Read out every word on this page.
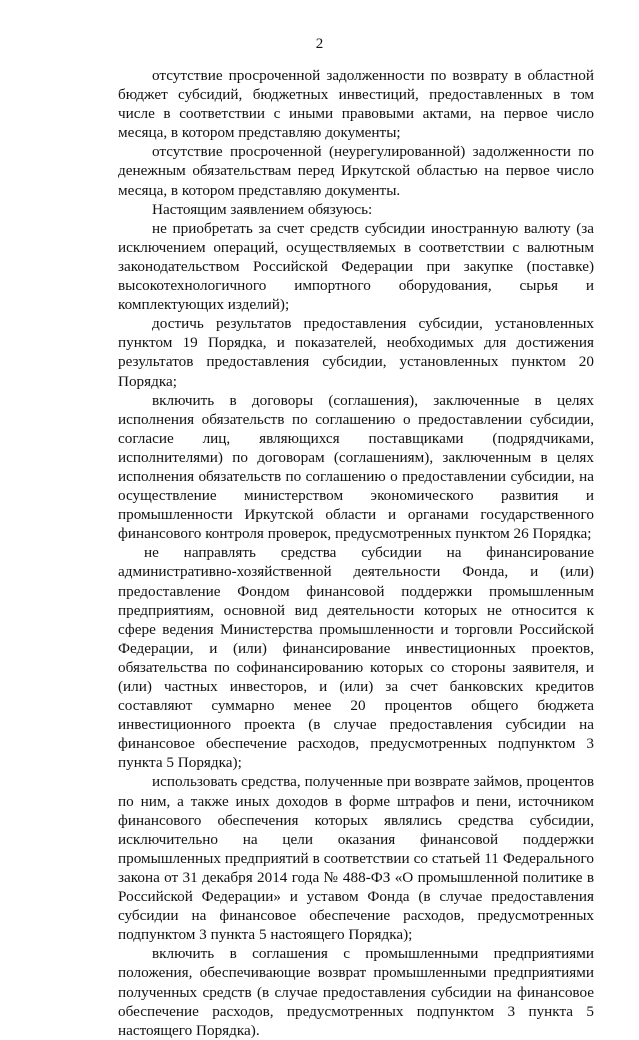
2

отсутствие просроченной задолженности по возврату в областной бюджет субсидий, бюджетных инвестиций, предоставленных в том числе в соответствии с иными правовыми актами, на первое число месяца, в котором представляю документы;

отсутствие просроченной (неурегулированной) задолженности по денежным обязательствам перед Иркутской областью на первое число месяца, в котором представляю документы.

Настоящим заявлением обязуюсь:

не приобретать за счет средств субсидии иностранную валюту (за исключением операций, осуществляемых в соответствии с валютным законодательством Российской Федерации при закупке (поставке) высокотехнологичного импортного оборудования, сырья и комплектующих изделий);

достичь результатов предоставления субсидии, установленных пунктом 19 Порядка, и показателей, необходимых для достижения результатов предоставления субсидии, установленных пунктом 20 Порядка;

включить в договоры (соглашения), заключенные в целях исполнения обязательств по соглашению о предоставлении субсидии, согласие лиц, являющихся поставщиками (подрядчиками, исполнителями) по договорам (соглашениям), заключенным в целях исполнения обязательств по соглашению о предоставлении субсидии, на осуществление министерством экономического развития и промышленности Иркутской области и органами государственного финансового контроля проверок, предусмотренных пунктом 26 Порядка;

не направлять средства субсидии на финансирование административно-хозяйственной деятельности Фонда, и (или) предоставление Фондом финансовой поддержки промышленным предприятиям, основной вид деятельности которых не относится к сфере ведения Министерства промышленности и торговли Российской Федерации, и (или) финансирование инвестиционных проектов, обязательства по софинансированию которых со стороны заявителя, и (или) частных инвесторов, и (или) за счет банковских кредитов составляют суммарно менее 20 процентов общего бюджета инвестиционного проекта (в случае предоставления субсидии на финансовое обеспечение расходов, предусмотренных подпунктом 3 пункта 5 Порядка);

использовать средства, полученные при возврате займов, процентов по ним, а также иных доходов в форме штрафов и пени, источником финансового обеспечения которых являлись средства субсидии, исключительно на цели оказания финансовой поддержки промышленных предприятий в соответствии со статьей 11 Федерального закона от 31 декабря 2014 года № 488-ФЗ «О промышленной политике в Российской Федерации» и уставом Фонда (в случае предоставления субсидии на финансовое обеспечение расходов, предусмотренных подпунктом 3 пункта 5 настоящего Порядка);

включить в соглашения с промышленными предприятиями положения, обеспечивающие возврат промышленными предприятиями полученных средств (в случае предоставления субсидии на финансовое обеспечение расходов, предусмотренных подпунктом 3 пункта 5 настоящего Порядка).
